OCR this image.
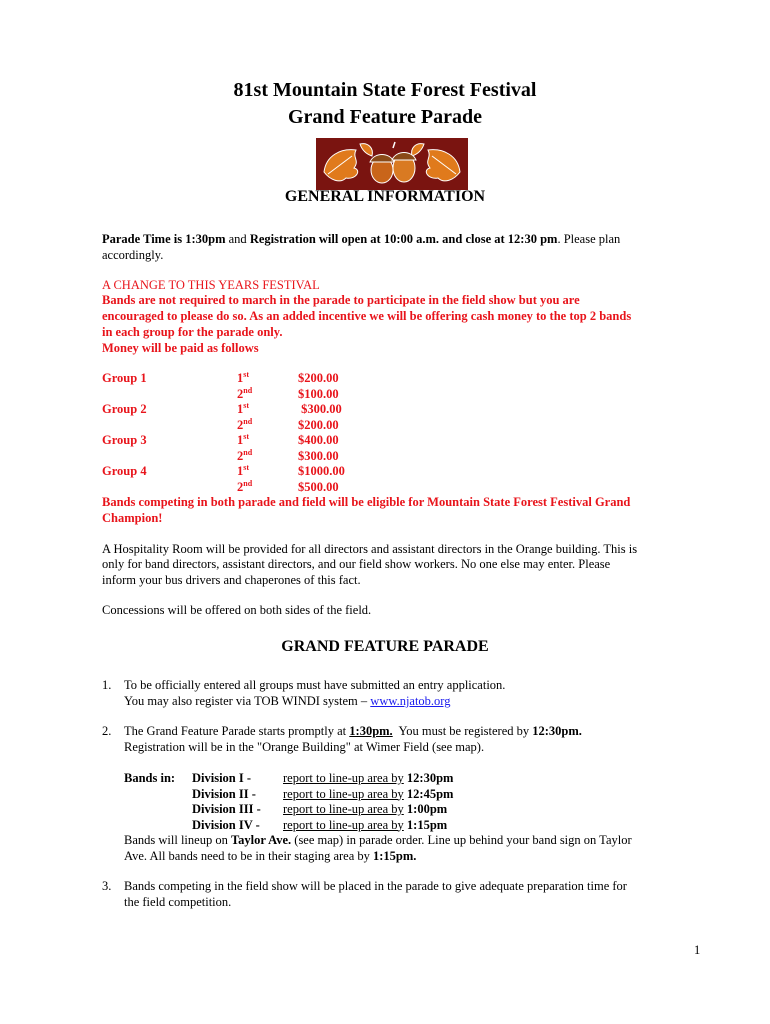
81st Mountain State Forest Festival
Grand Feature Parade
GENERAL INFORMATION
Parade Time is 1:30pm and Registration will open at 10:00 a.m. and close at 12:30 pm. Please plan
accordingly.
A CHANGE TO THIS YEARS FESTIVAL
Bands are not required to march in the parade to participate in the field show but you are
encouraged to please do so. As an added incentive we will be offering cash money to the top 2 bands
in each group for the parade only.
Money will be paid as follows
Group 1	1st	$200.00
2nd	$100.00
Group 2	1st	$300.00
2nd	$200.00
Group 3	1st	$400.00
2nd	$300.00
Group 4	1st	$1000.00
2nd	$500.00
Bands competing in both parade and field will be eligible for Mountain State Forest Festival Grand
Champion!
A Hospitality Room will be provided for all directors and assistant directors in the Orange building. This is
only for band directors, assistant directors, and our field show workers. No one else may enter. Please
inform your bus drivers and chaperones of this fact.
Concessions will be offered on both sides of the field.
GRAND FEATURE PARADE
1. To be officially entered all groups must have submitted an entry application.
You may also register via TOB WINDI system – www.njatob.org
2. The Grand Feature Parade starts promptly at 1:30pm.  You must be registered by 12:30pm.
Registration will be in the "Orange Building" at Wimer Field (see map).
Bands in: Division I -	report to line-up area by 12:30pm
Division II - report to line-up area by 12:45pm
Division III - report to line-up area by 1:00pm
Division IV - report to line-up area by 1:15pm
Bands will lineup on Taylor Ave. (see map) in parade order. Line up behind your band sign on Taylor
Ave. All bands need to be in their staging area by 1:15pm.
3. Bands competing in the field show will be placed in the parade to give adequate preparation time for
the field competition.
1
